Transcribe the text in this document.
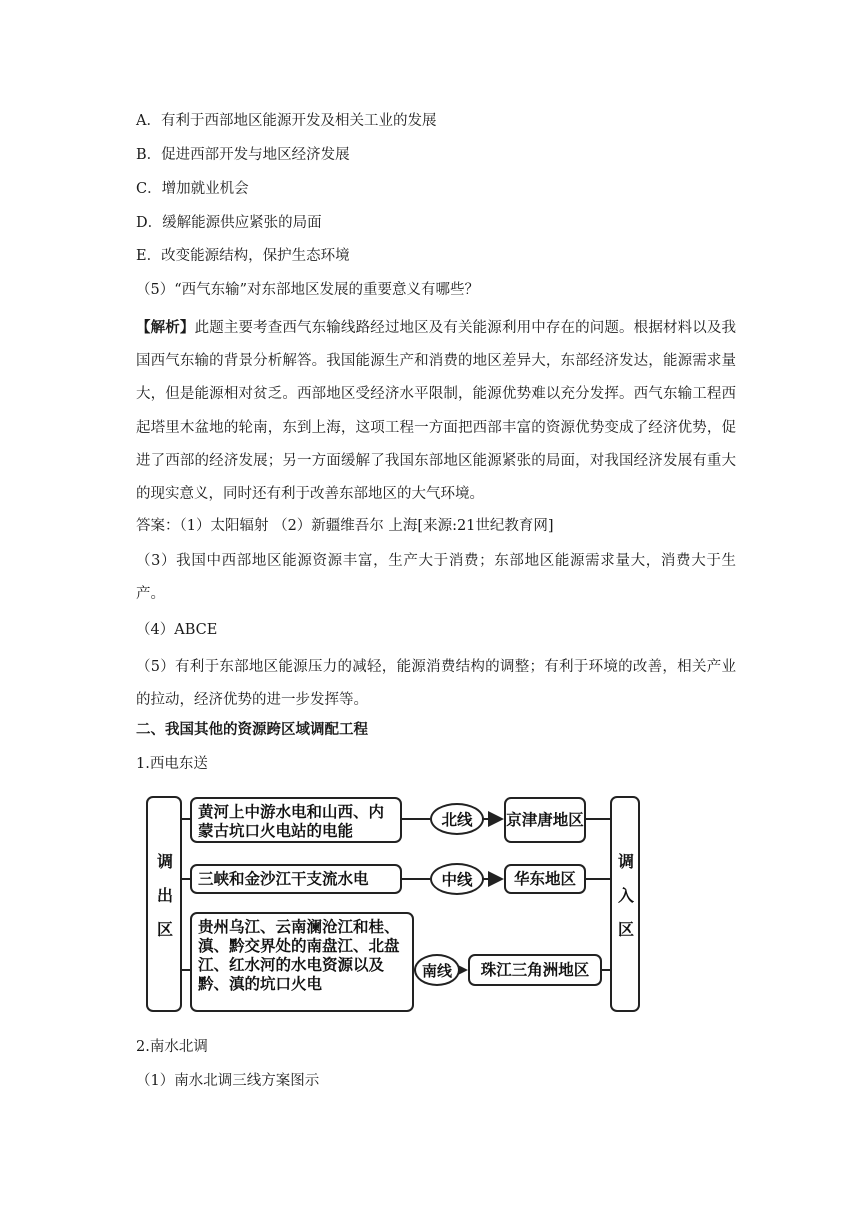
A．有利于西部地区能源开发及相关工业的发展
B．促进西部开发与地区经济发展
C．增加就业机会
D．缓解能源供应紧张的局面
E．改变能源结构，保护生态环境
（5）“西气东输”对东部地区发展的重要意义有哪些？
【解析】此题主要考查西气东输线路经过地区及有关能源利用中存在的问题。根据材料以及我国西气东输的背景分析解答。我国能源生产和消费的地区差异大，东部经济发达，能源需求量大，但是能源相对贫乏。西部地区受经济水平限制，能源优势难以充分发挥。西气东输工程西起塔里木盆地的轮南，东到上海，这项工程一方面把西部丰富的资源优势变成了经济优势，促进了西部的经济发展；另一方面缓解了我国东部地区能源紧张的局面，对我国经济发展有重大的现实意义，同时还有利于改善东部地区的大气环境。
答案：（1）太阳辐射 （2）新疆维吾尔 上海[来源:21世纪教育网]
（3）我国中西部地区能源资源丰富，生产大于消费；东部地区能源需求量大，消费大于生产。
（4）ABCE
（5）有利于东部地区能源压力的减轻，能源消费结构的调整；有利于环境的改善，相关产业的拉动，经济优势的进一步发挥等。
二、我国其他的资源跨区域调配工程
1.西电东送
调出区	调入区
黄河上中游水电和山西、内蒙古坑口火电站的电能
北线	京津唐地区
三峡和金沙江干支流水电	中线	华东地区
贵州乌江、云南澜沧江和桂、滇、黔交界处的南盘江、北盘江、红水河的水电资源以及黔、滇的坑口火电
南线	珠江三角洲地区
2.南水北调
（1）南水北调三线方案图示
